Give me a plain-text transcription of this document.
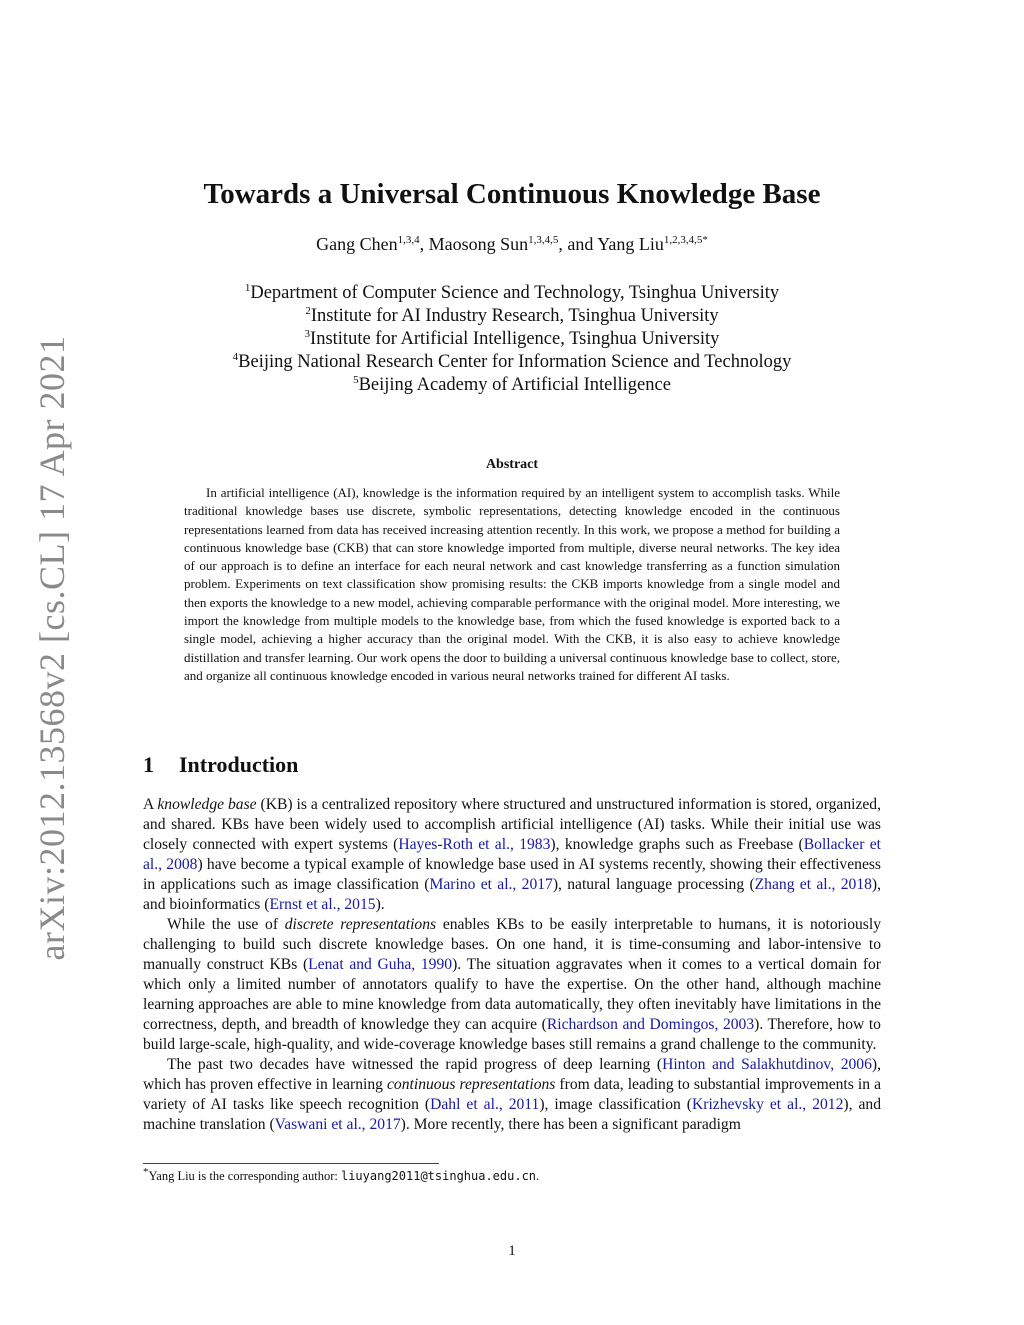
arXiv:2012.13568v2 [cs.CL] 17 Apr 2021
Towards a Universal Continuous Knowledge Base
Gang Chen$^{1,3,4}$, Maosong Sun$^{1,3,4,5}$, and Yang Liu$^{1,2,3,4,5*}$
$^1$Department of Computer Science and Technology, Tsinghua University
$^2$Institute for AI Industry Research, Tsinghua University
$^3$Institute for Artificial Intelligence, Tsinghua University
$^4$Beijing National Research Center for Information Science and Technology
$^5$Beijing Academy of Artificial Intelligence
Abstract

In artificial intelligence (AI), knowledge is the information required by an intelligent system to accomplish tasks. While traditional knowledge bases use discrete, symbolic representations, detecting knowledge encoded in the continuous representations learned from data has received increasing attention recently. In this work, we propose a method for building a continuous knowledge base (CKB) that can store knowledge imported from multiple, diverse neural networks. The key idea of our approach is to define an interface for each neural network and cast knowledge transferring as a function simulation problem. Experiments on text classification show promising results: the CKB imports knowledge from a single model and then exports the knowledge to a new model, achieving comparable performance with the original model. More interesting, we import the knowledge from multiple models to the knowledge base, from which the fused knowledge is exported back to a single model, achieving a higher accuracy than the original model. With the CKB, it is also easy to achieve knowledge distillation and transfer learning. Our work opens the door to building a universal continuous knowledge base to collect, store, and organize all continuous knowledge encoded in various neural networks trained for different AI tasks.

1 Introduction

A knowledge base (KB) is a centralized repository where structured and unstructured information is stored, organized, and shared. KBs have been widely used to accomplish artificial intelligence (AI) tasks. While their initial use was closely connected with expert systems (Hayes-Roth et al., 1983), knowledge graphs such as Freebase (Bollacker et al., 2008) have become a typical example of knowledge base used in AI systems recently, showing their effectiveness in applications such as image classification (Marino et al., 2017), natural language processing (Zhang et al., 2018), and bioinformatics (Ernst et al., 2015).

While the use of discrete representations enables KBs to be easily interpretable to humans, it is notoriously challenging to build such discrete knowledge bases. On one hand, it is time-consuming and labor-intensive to manually construct KBs (Lenat and Guha, 1990). The situation aggravates when it comes to a vertical domain for which only a limited number of annotators qualify to have the expertise. On the other hand, although machine learning approaches are able to mine knowledge from data automatically, they often inevitably have limitations in the correctness, depth, and breadth of knowledge they can acquire (Richardson and Domingos, 2003). Therefore, how to build large-scale, high-quality, and wide-coverage knowledge bases still remains a grand challenge to the community.

The past two decades have witnessed the rapid progress of deep learning (Hinton and Salakhutdinov, 2006), which has proven effective in learning continuous representations from data, leading to substantial improvements in a variety of AI tasks like speech recognition (Dahl et al., 2011), image classification (Krizhevsky et al., 2012), and machine translation (Vaswani et al., 2017). More recently, there has been a significant paradigm

*Yang Liu is the corresponding author: liuyang2011@tsinghua.edu.cn.
1
